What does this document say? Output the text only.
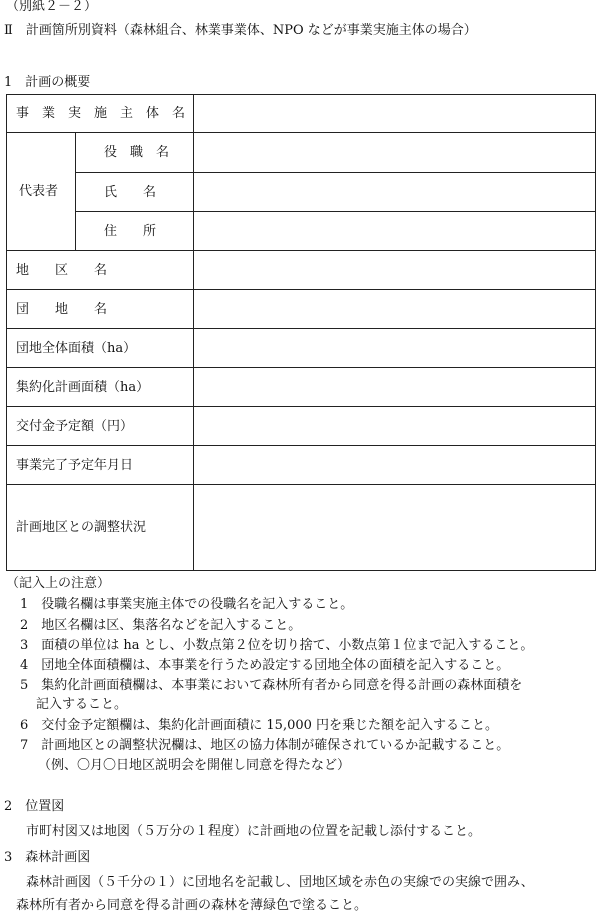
（別紙２－２）
Ⅱ　計画箇所別資料（森林組合、林業事業体、NPO などが事業実施主体の場合）
1　計画の概要
事　業　実　施　主　体　名		
代表者	役　職　名	
	氏　　名	
	住　　所	
地　　区　　名		
団　　地　　名		
団地全体面積（ha）		
集約化計画面積（ha）		
交付金予定額（円）		
事業完了予定年月日		
計画地区との調整状況		
（記入上の注意）
1　役職名欄は事業実施主体での役職名を記入すること。
2　地区名欄は区、集落名などを記入すること。
3　面積の単位は ha とし、小数点第２位を切り捨て、小数点第１位まで記入すること。
4　団地全体面積欄は、本事業を行うため設定する団地全体の面積を記入すること。
5　集約化計画面積欄は、本事業において森林所有者から同意を得る計画の森林面積を
記入すること。
6　交付金予定額欄は、集約化計画面積に 15,000 円を乗じた額を記入すること。
7　計画地区との調整状況欄は、地区の協力体制が確保されているか記載すること。
（例、〇月〇日地区説明会を開催し同意を得たなど）
2　位置図
市町村図又は地図（５万分の１程度）に計画地の位置を記載し添付すること。
3　森林計画図
森林計画図（５千分の１）に団地名を記載し、団地区域を赤色の実線での実線で囲み、
森林所有者から同意を得る計画の森林を薄緑色で塗ること。
